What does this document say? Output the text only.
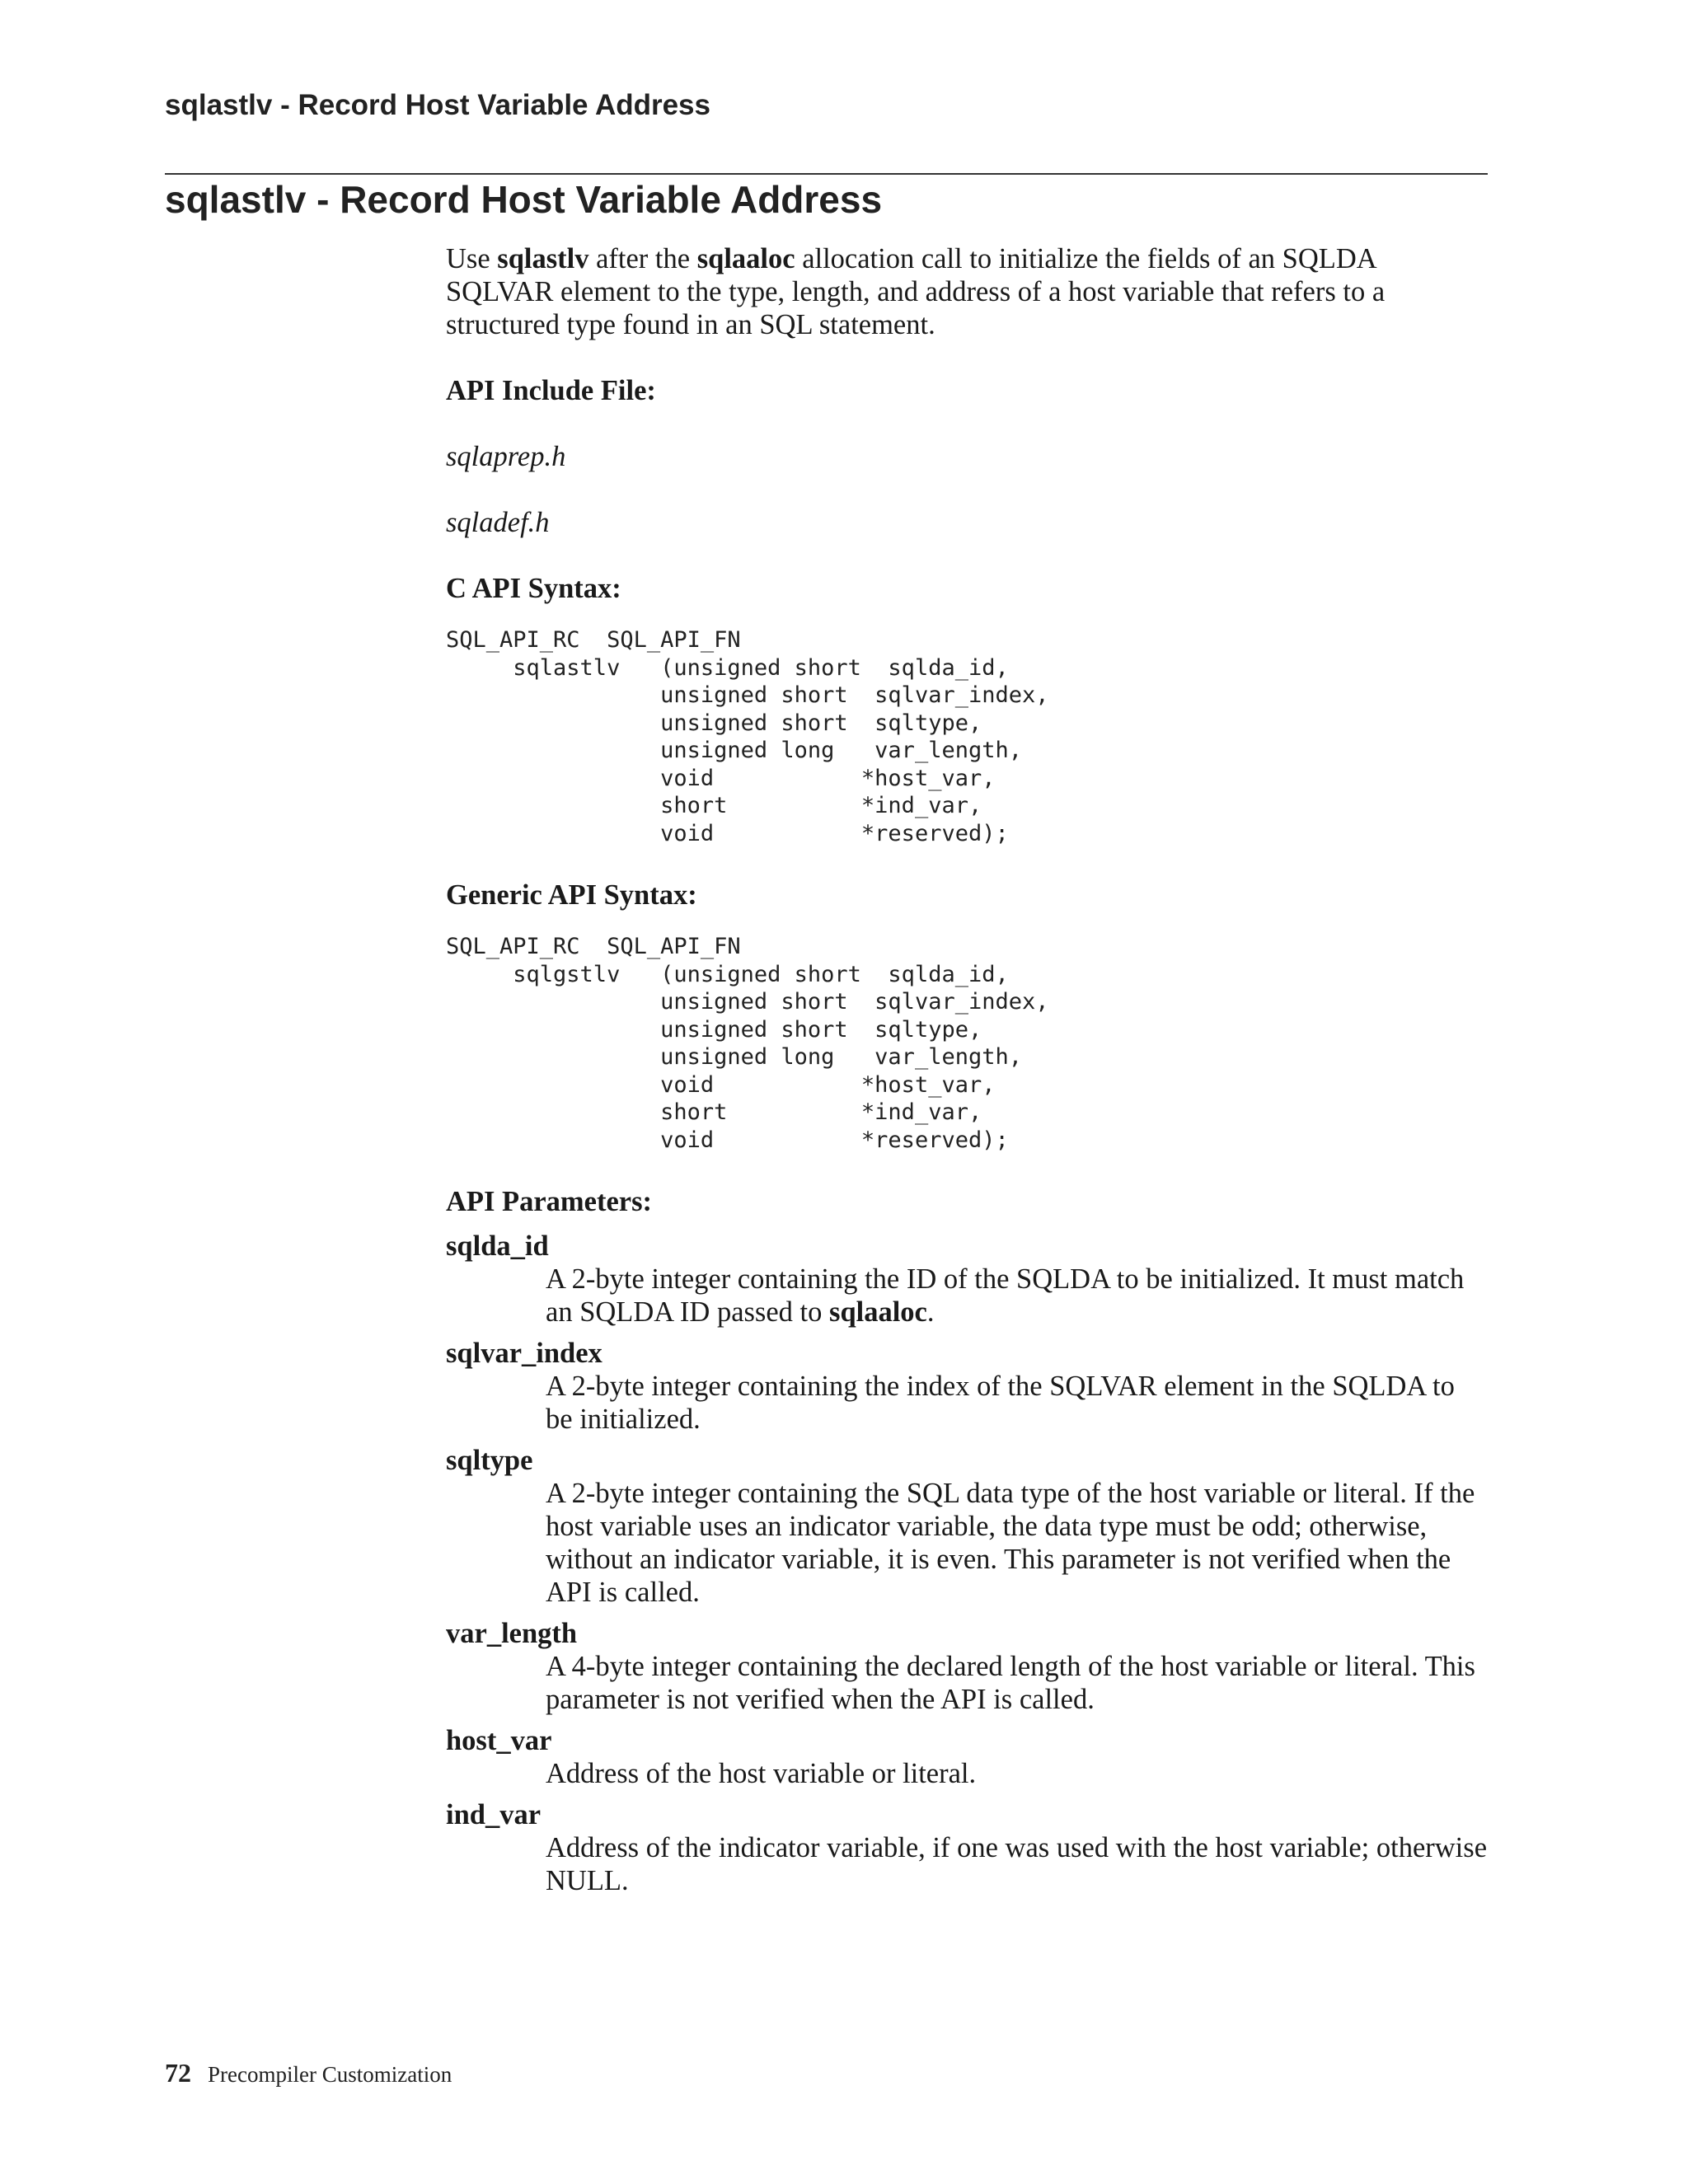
sqlastlv - Record Host Variable Address
sqlastlv - Record Host Variable Address

Use sqlastlv after the sqlaaloc allocation call to initialize the fields of an SQLDA SQLVAR element to the type, length, and address of a host variable that refers to a structured type found in an SQL statement.

API Include File:

sqlaprep.h

sqladef.h

C API Syntax:

SQL_API_RC  SQL_API_FN
sqlastlv   (unsigned short  sqlda_id,
unsigned short  sqlvar_index,
unsigned short  sqltype,
unsigned long   var_length,
void           *host_var,
short          *ind_var,
void           *reserved);

Generic API Syntax:

SQL_API_RC  SQL_API_FN
sqlgstlv   (unsigned short  sqlda_id,
unsigned short  sqlvar_index,
unsigned short  sqltype,
unsigned long   var_length,
void           *host_var,
short          *ind_var,
void           *reserved);

API Parameters:

sqlda_id

A 2-byte integer containing the ID of the SQLDA to be initialized. It must match an SQLDA ID passed to sqlaaloc.

sqlvar_index

A 2-byte integer containing the index of the SQLVAR element in the SQLDA to be initialized.

sqltype

A 2-byte integer containing the SQL data type of the host variable or literal. If the host variable uses an indicator variable, the data type must be odd; otherwise, without an indicator variable, it is even. This parameter is not verified when the API is called.

var_length

A 4-byte integer containing the declared length of the host variable or literal. This parameter is not verified when the API is called.

host_var

Address of the host variable or literal.

ind_var

Address of the indicator variable, if one was used with the host variable; otherwise NULL.

72 Precompiler Customization
